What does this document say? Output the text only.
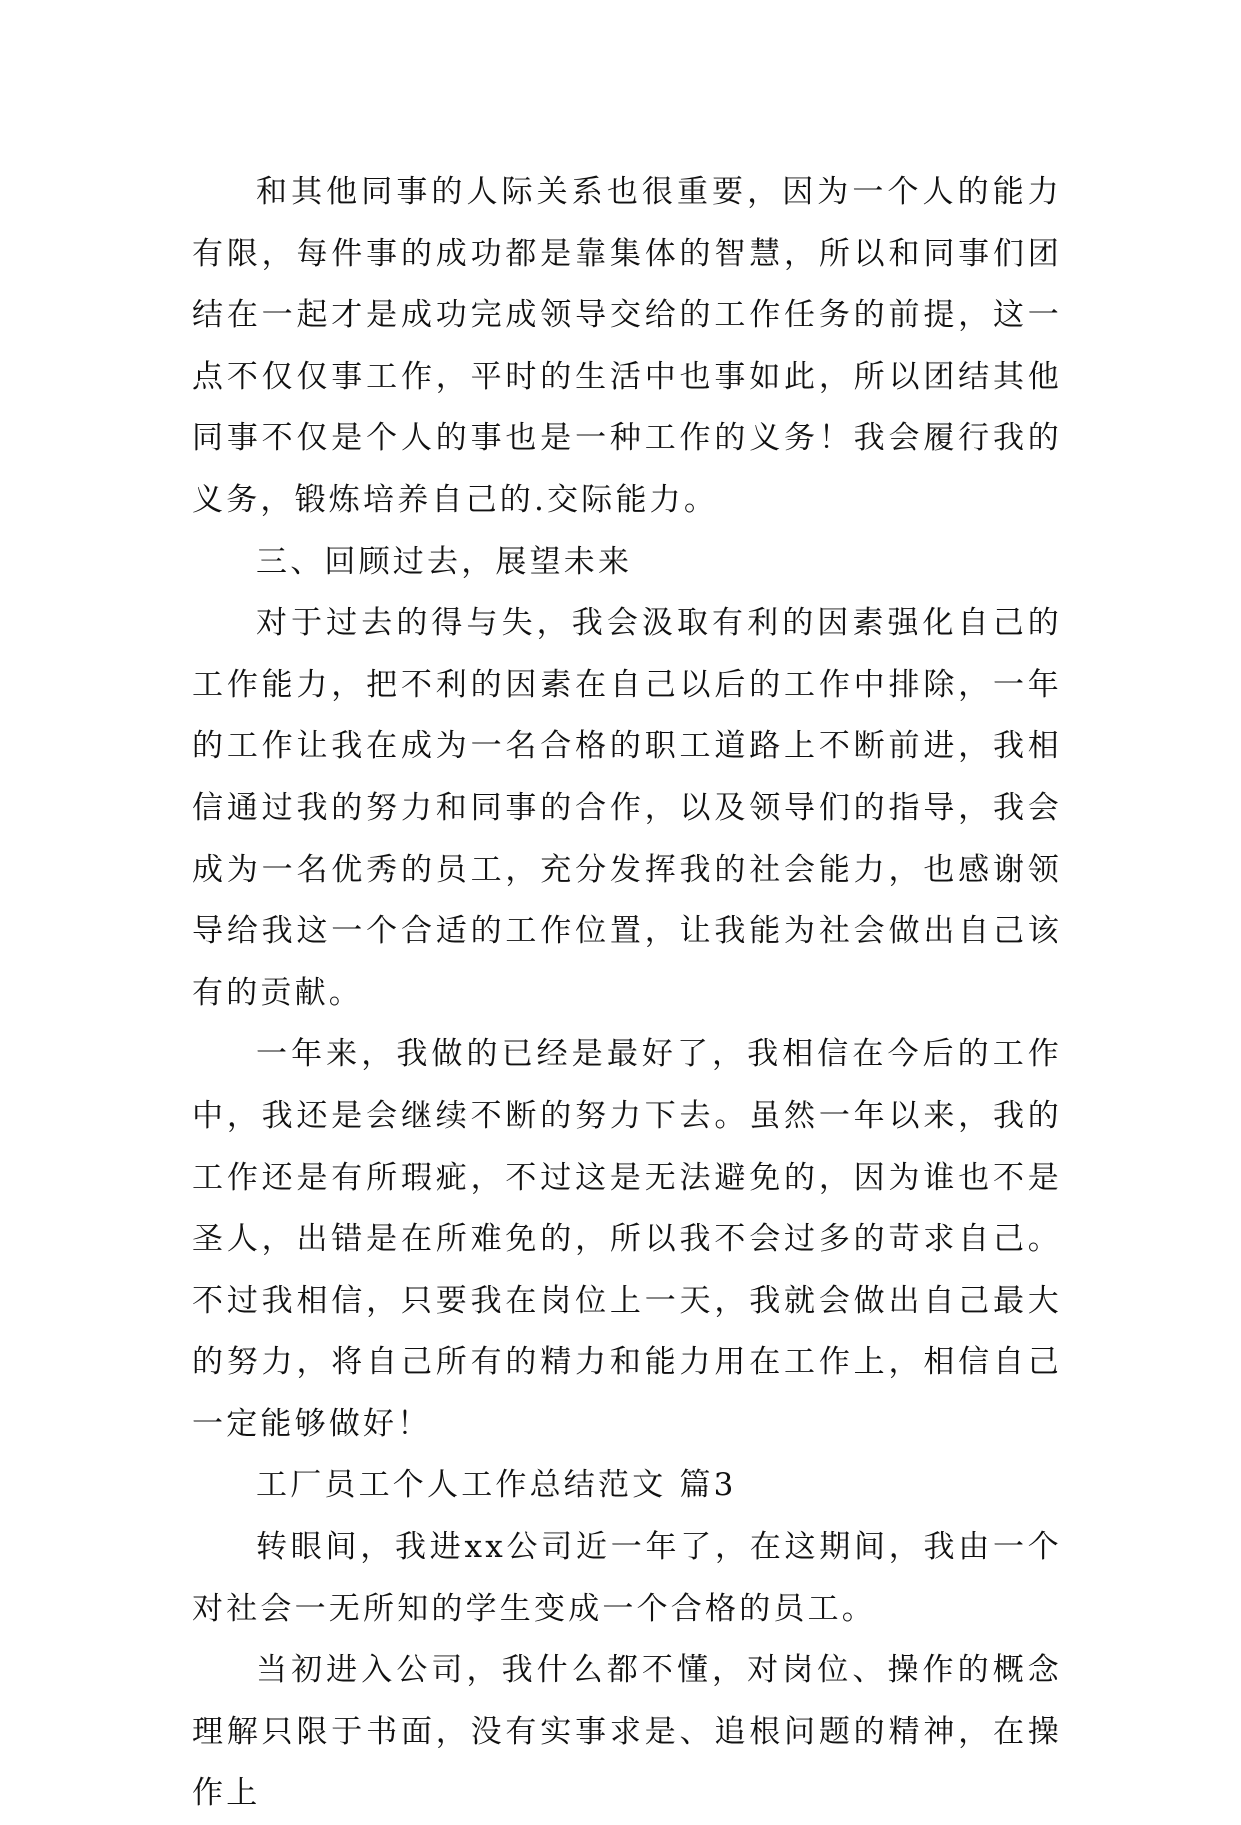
和其他同事的人际关系也很重要，因为一个人的能力有限，每件事的成功都是靠集体的智慧，所以和同事们团结在一起才是成功完成领导交给的工作任务的前提，这一点不仅仅事工作，平时的生活中也事如此，所以团结其他同事不仅是个人的事也是一种工作的义务！我会履行我的义务，锻炼培养自己的.交际能力。

三、回顾过去，展望未来

对于过去的得与失，我会汲取有利的因素强化自己的工作能力，把不利的因素在自己以后的工作中排除，一年的工作让我在成为一名合格的职工道路上不断前进，我相信通过我的努力和同事的合作，以及领导们的指导，我会成为一名优秀的员工，充分发挥我的社会能力，也感谢领导给我这一个合适的工作位置，让我能为社会做出自己该有的贡献。

一年来，我做的已经是最好了，我相信在今后的工作中，我还是会继续不断的努力下去。虽然一年以来，我的工作还是有所瑕疵，不过这是无法避免的，因为谁也不是圣人，出错是在所难免的，所以我不会过多的苛求自己。不过我相信，只要我在岗位上一天，我就会做出自己最大的努力，将自己所有的精力和能力用在工作上，相信自己一定能够做好！

工厂员工个人工作总结范文 篇3

转眼间，我进xx公司近一年了，在这期间，我由一个对社会一无所知的学生变成一个合格的员工。

当初进入公司，我什么都不懂，对岗位、操作的概念理解只限于书面，没有实事求是、追根问题的精神，在操作上
